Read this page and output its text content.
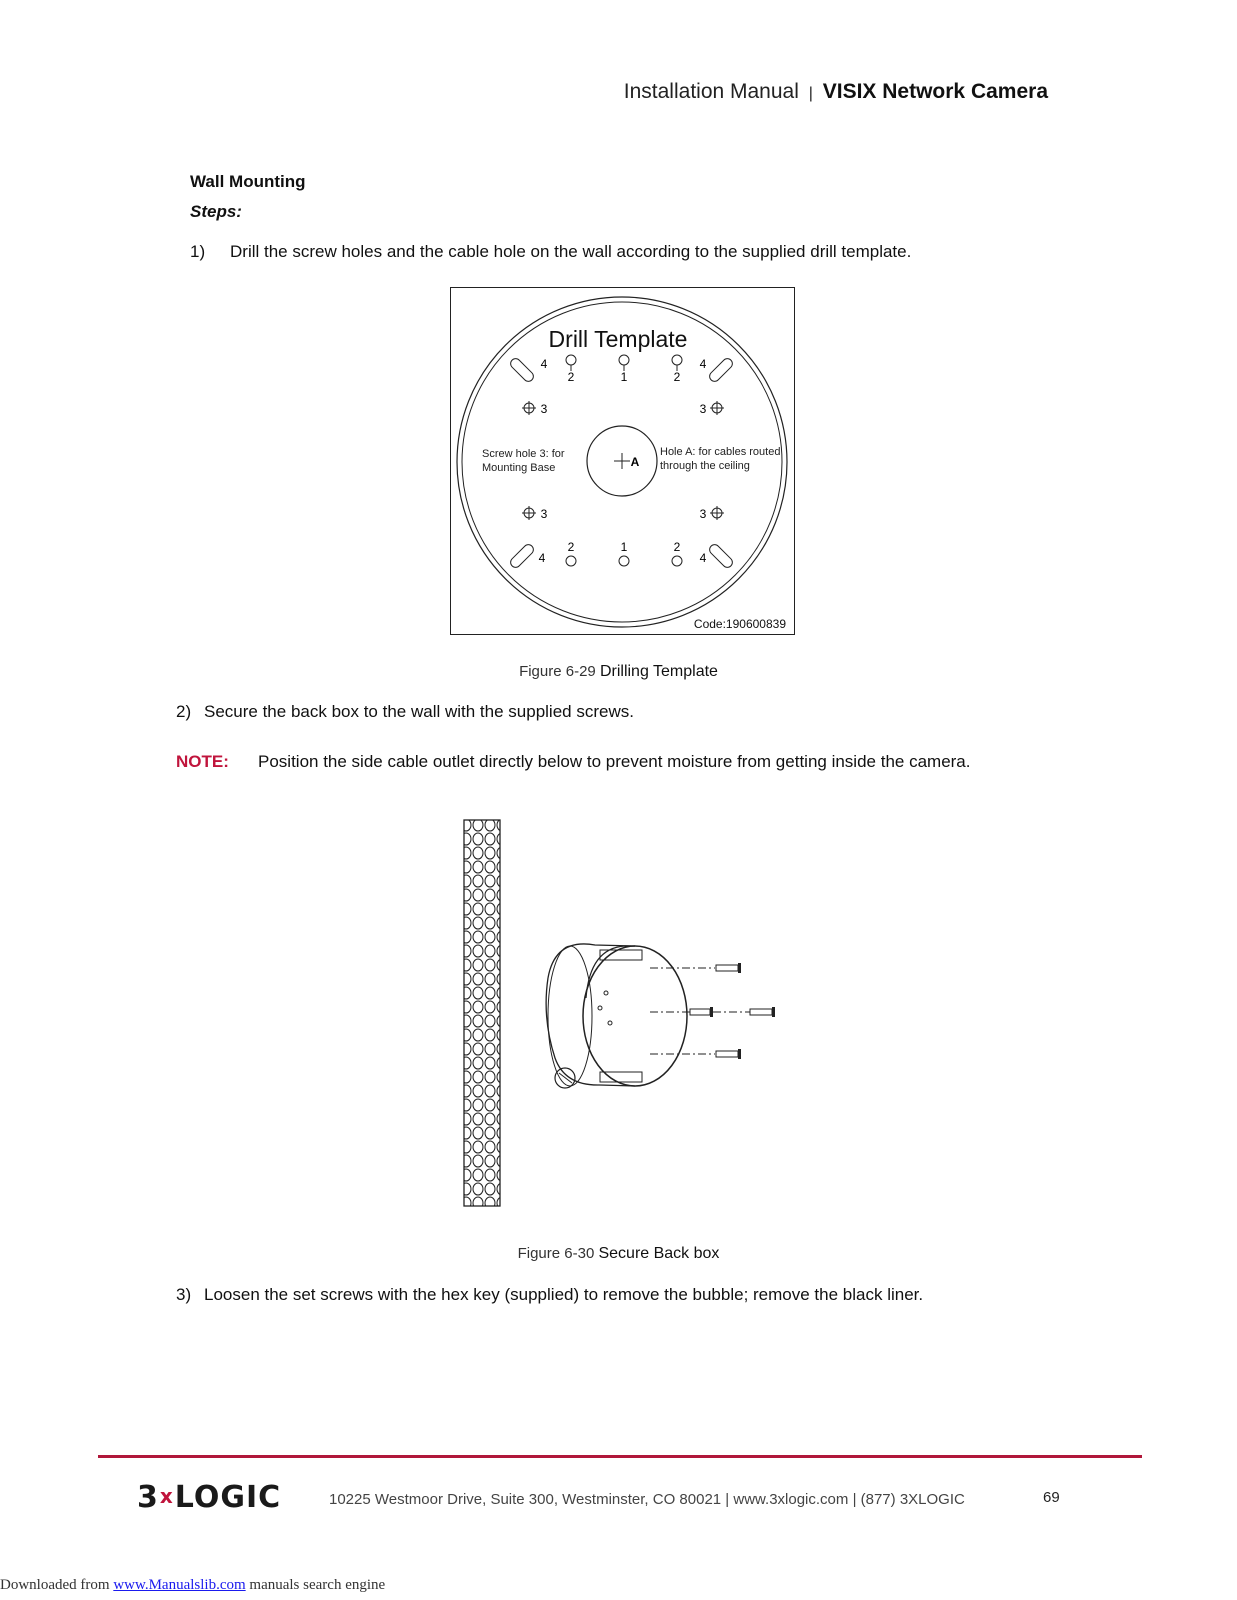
Installation Manual | VISIX Network Camera
Wall Mounting
Steps:
1) Drill the screw holes and the cable hole on the wall according to the supplied drill template.
Drill Template
4	4
4	4
2	1	2
2	1	2
3	3
3	3
A
Screw hole 3: for
Mounting Base
Hole A: for cables routed
through the ceiling
Code:190600839
Figure 6-29 Drilling Template
2) Secure the back box to the wall with the supplied screws.
NOTE: Position the side cable outlet directly below to prevent moisture from getting inside the camera.
Figure 6-30 Secure Back box
3) Loosen the set screws with the hex key (supplied) to remove the bubble; remove the black liner.
3xLOGIC	10225 Westmoor Drive, Suite 300, Westminster, CO 80021 | www.3xlogic.com | (877) 3XLOGIC	69
Downloaded from www.Manualslib.com manuals search engine
